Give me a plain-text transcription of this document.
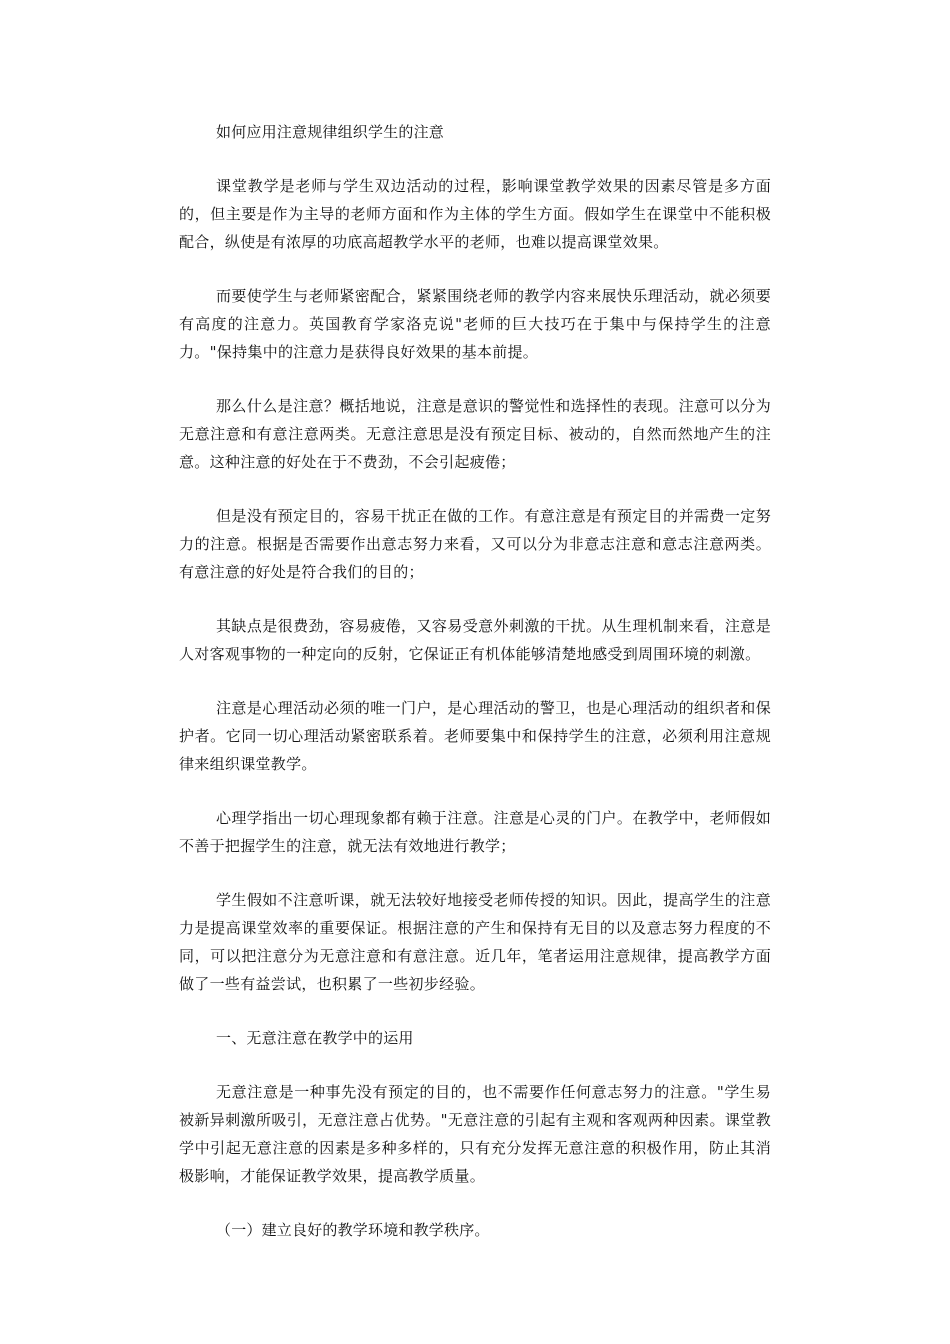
如何应用注意规律组织学生的注意

课堂教学是老师与学生双边活动的过程，影响课堂教学效果的因素尽管是多方面的，但主要是作为主导的老师方面和作为主体的学生方面。假如学生在课堂中不能积极配合，纵使是有浓厚的功底高超教学水平的老师，也难以提高课堂效果。

而要使学生与老师紧密配合，紧紧围绕老师的教学内容来展快乐理活动，就必须要有高度的注意力。英国教育学家洛克说"老师的巨大技巧在于集中与保持学生的注意力。"保持集中的注意力是获得良好效果的基本前提。

那么什么是注意？概括地说，注意是意识的警觉性和选择性的表现。注意可以分为无意注意和有意注意两类。无意注意思是没有预定目标、被动的，自然而然地产生的注意。这种注意的好处在于不费劲，不会引起疲倦；

但是没有预定目的，容易干扰正在做的工作。有意注意是有预定目的并需费一定努力的注意。根据是否需要作出意志努力来看，又可以分为非意志注意和意志注意两类。有意注意的好处是符合我们的目的；

其缺点是很费劲，容易疲倦，又容易受意外刺激的干扰。从生理机制来看，注意是人对客观事物的一种定向的反射，它保证正有机体能够清楚地感受到周围环境的刺激。

注意是心理活动必须的唯一门户，是心理活动的警卫，也是心理活动的组织者和保护者。它同一切心理活动紧密联系着。老师要集中和保持学生的注意，必须利用注意规律来组织课堂教学。

心理学指出一切心理现象都有赖于注意。注意是心灵的门户。在教学中，老师假如不善于把握学生的注意，就无法有效地进行教学；

学生假如不注意听课，就无法较好地接受老师传授的知识。因此，提高学生的注意力是提高课堂效率的重要保证。根据注意的产生和保持有无目的以及意志努力程度的不同，可以把注意分为无意注意和有意注意。近几年，笔者运用注意规律，提高教学方面做了一些有益尝试，也积累了一些初步经验。

一、无意注意在教学中的运用

无意注意是一种事先没有预定的目的，也不需要作任何意志努力的注意。"学生易被新异刺激所吸引，无意注意占优势。"无意注意的引起有主观和客观两种因素。课堂教学中引起无意注意的因素是多种多样的，只有充分发挥无意注意的积极作用，防止其消极影响，才能保证教学效果，提高教学质量。

（一）建立良好的教学环境和教学秩序。
